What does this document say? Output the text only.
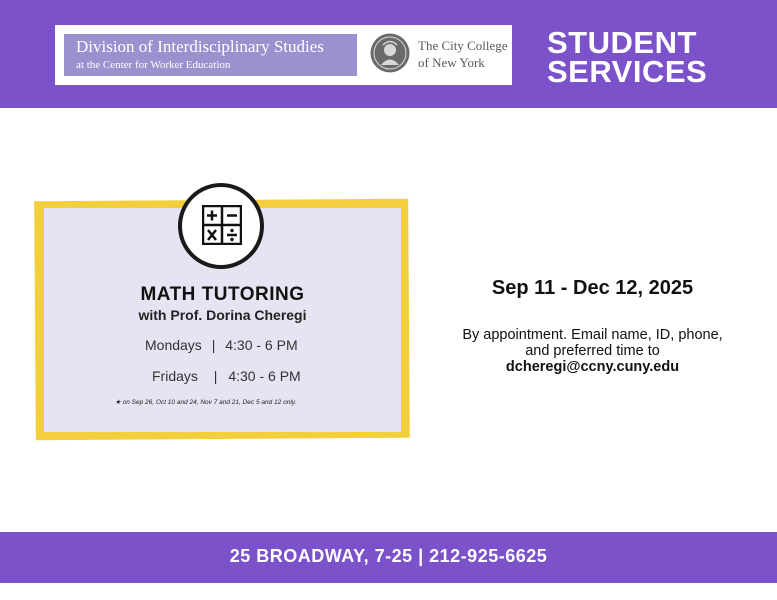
Division of Interdisciplinary Studies
at the Center for Worker Education
The City College
of New York
STUDENT
SERVICES
MATH TUTORING
with Prof. Dorina Cheregi
Mondays | 4:30 - 6 PM
Fridays | 4:30 - 6 PM
★ on Sep 26, Oct 10 and 24, Nov 7 and 21, Dec 5 and 12 only.
Sep 11 - Dec 12, 2025
By appointment. Email name, ID, phone,
and preferred time to
dcheregi@ccny.cuny.edu
25 BROADWAY, 7-25 | 212-925-6625
